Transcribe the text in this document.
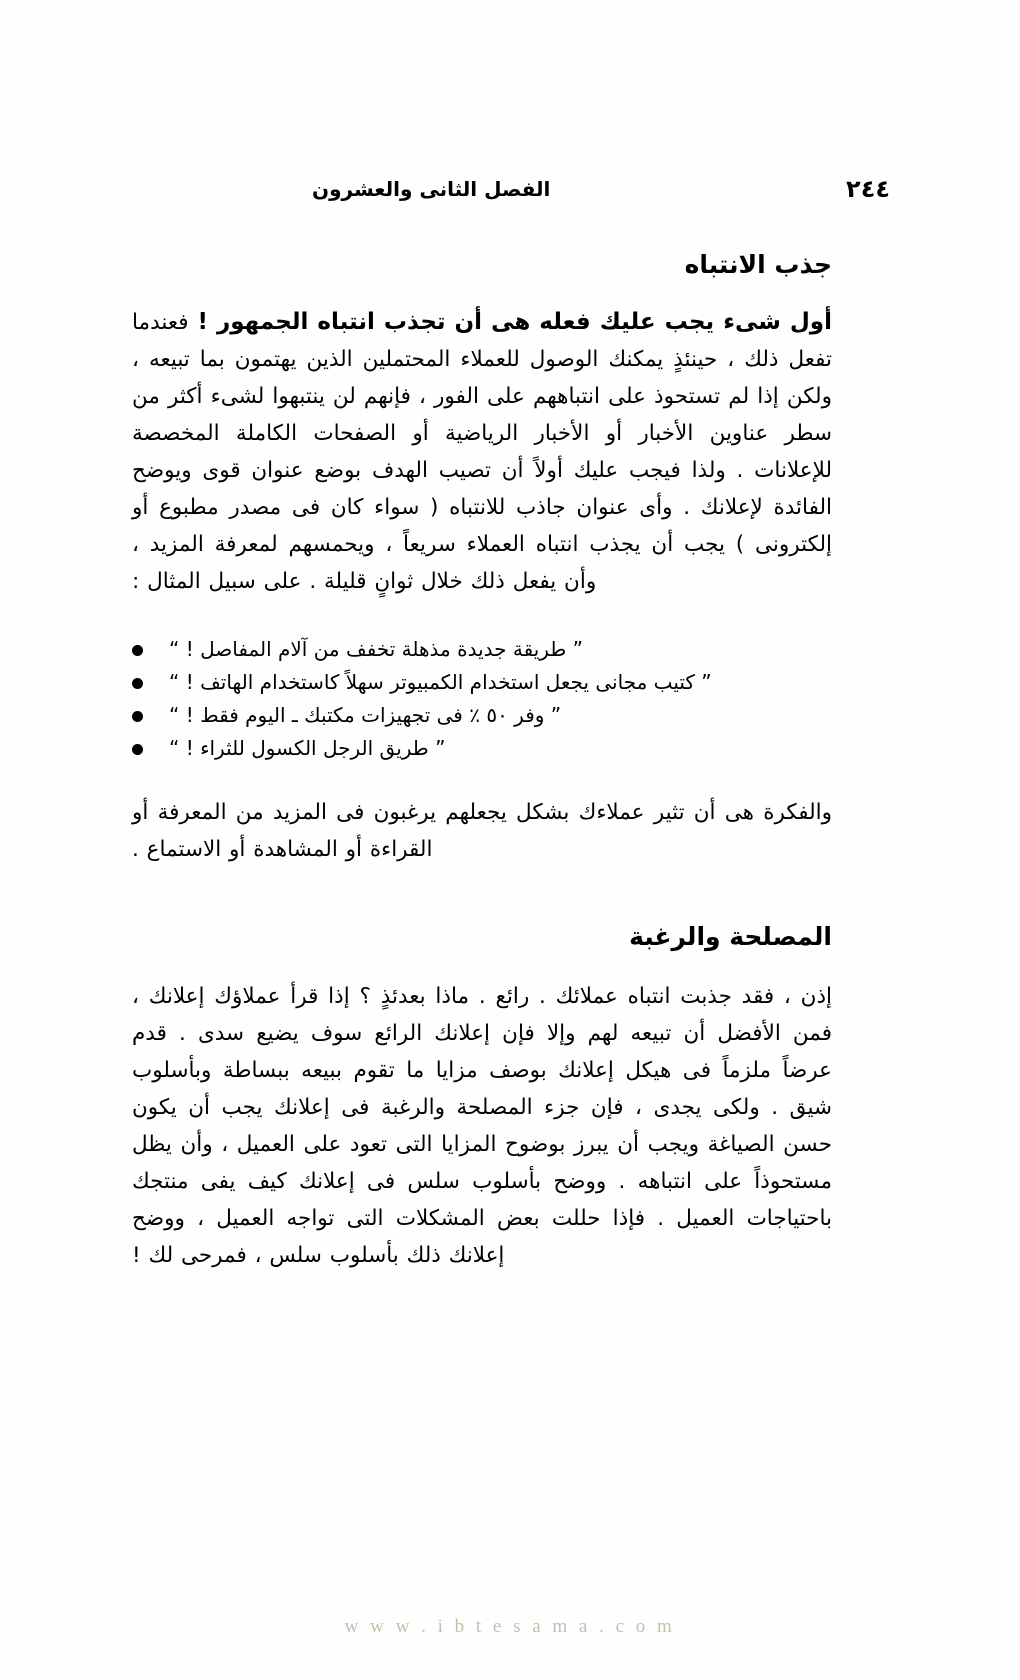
٢٤٤
الفصل الثانى والعشرون
جذب الانتباه

أول شىء يجب عليك فعله هى أن تجذب انتباه الجمهور ! فعندما تفعل ذلك ، حينئذٍ يمكنك الوصول للعملاء المحتملين الذين يهتمون بما تبيعه ، ولكن إذا لم تستحوذ على انتباههم على الفور ، فإنهم لن ينتبهوا لشىء أكثر من سطر عناوين الأخبار أو الأخبار الرياضية أو الصفحات الكاملة المخصصة للإعلانات . ولذا فيجب عليك أولاً أن تصيب الهدف بوضع عنوان قوى ويوضح الفائدة لإعلانك . وأى عنوان جاذب للانتباه ( سواء كان فى مصدر مطبوع أو إلكترونى ) يجب أن يجذب انتباه العملاء سريعاً ، ويحمسهم لمعرفة المزيد ، وأن يفعل ذلك خلال ثوانٍ قليلة . على سبيل المثال :

” طريقة جديدة مذهلة تخفف من آلام المفاصل ! “
” كتيب مجانى يجعل استخدام الكمبيوتر سهلاً كاستخدام الهاتف ! “
” وفر ٥٠ ٪ فى تجهيزات مكتبك ـ اليوم فقط ! “
” طريق الرجل الكسول للثراء ! “

والفكرة هى أن تثير عملاءك بشكل يجعلهم يرغبون فى المزيد من المعرفة أو القراءة أو المشاهدة أو الاستماع .

المصلحة والرغبة

إذن ، فقد جذبت انتباه عملائك . رائع . ماذا بعدئذٍ ؟ إذا قرأ عملاؤك إعلانك ، فمن الأفضل أن تبيعه لهم وإلا فإن إعلانك الرائع سوف يضيع سدى . قدم عرضاً ملزماً فى هيكل إعلانك بوصف مزايا ما تقوم ببيعه ببساطة وبأسلوب شيق . ولكى يجدى ، فإن جزء المصلحة والرغبة فى إعلانك يجب أن يكون حسن الصياغة ويجب أن يبرز بوضوح المزايا التى تعود على العميل ، وأن يظل مستحوذاً على انتباهه . ووضح بأسلوب سلس فى إعلانك كيف يفى منتجك باحتياجات العميل . فإذا حللت بعض المشكلات التى تواجه العميل ، ووضح إعلانك ذلك بأسلوب سلس ، فمرحى لك !

w w w . i b t e s a m a . c o m
